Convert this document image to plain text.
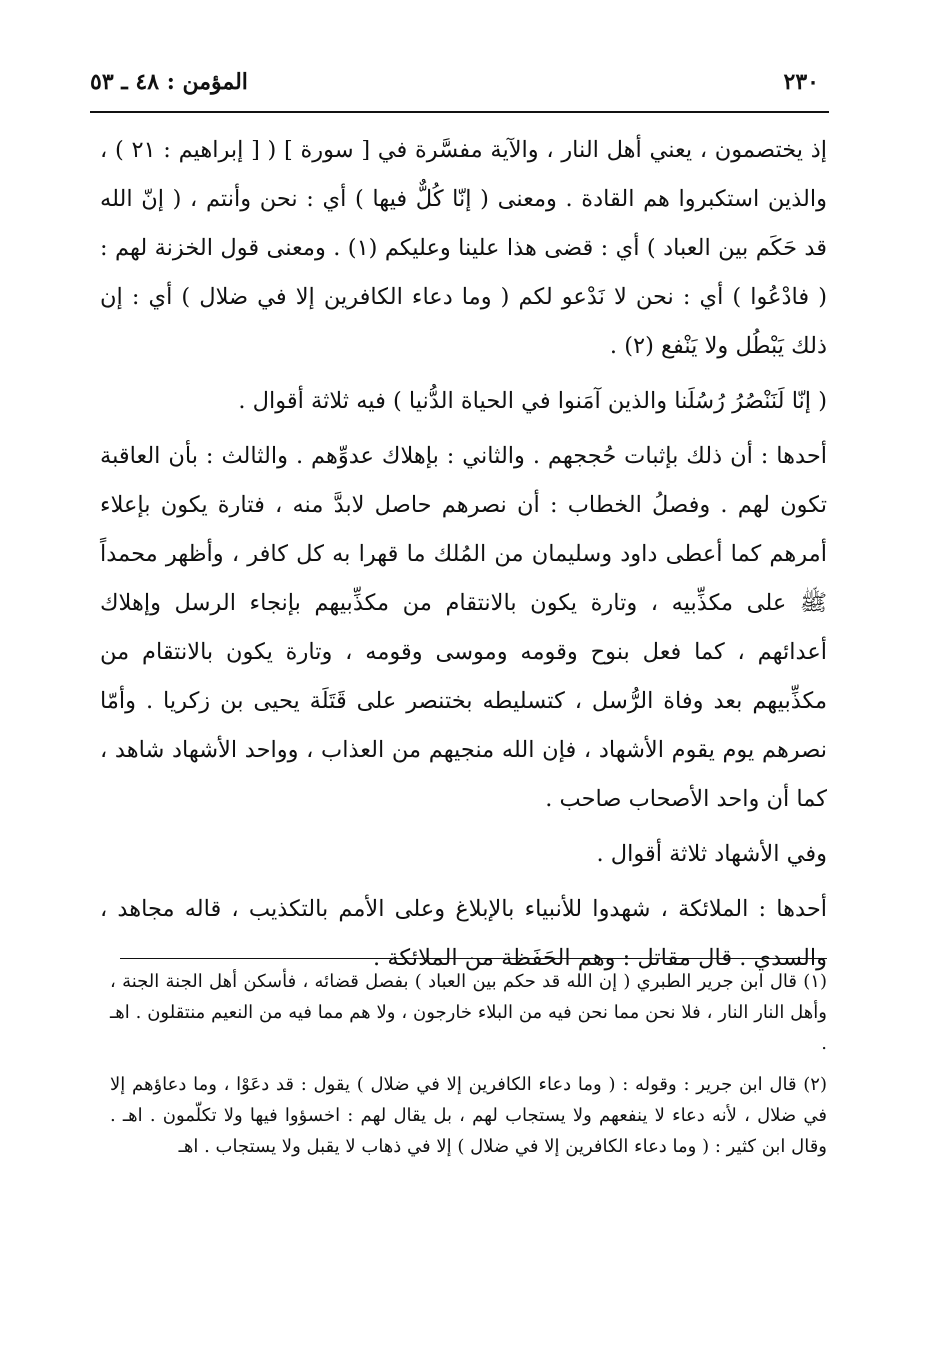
٢٣٠
المؤمن : ٤٨ ـ ٥٣

إذ يختصمون ، يعني أهل النار ، والآية مفسَّرة في [ سورة ] ( [ إبراهيم : ٢١ ) ، والذين استكبروا هم القادة . ومعنى ( إنّا كُلٌّ فيها ) أي : نحن وأنتم ، ( إنّ الله قد حَكَم بين العباد ) أي : قضى هذا علينا وعليكم (١) . ومعنى قول الخزنة لهم : ( فادْعُوا ) أي : نحن لا نَدْعو لكم ( وما دعاء الكافرين إلا في ضلال ) أي : إن ذلك يَبْطُل ولا يَنْفع (٢) .

( إنّا لَنَنْصُرُ رُسُلَنا والذين آمَنوا في الحياة الدُّنيا ) فيه ثلاثة أقوال .

أحدها : أن ذلك بإثبات حُججهم . والثاني : بإهلاك عدوِّهم . والثالث : بأن العاقبة تكون لهم . وفصلُ الخطاب : أن نصرهم حاصل لابدَّ منه ، فتارة يكون بإعلاء أمرهم كما أعطى داود وسليمان من المُلك ما قهرا به كل كافر ، وأظهر محمداً ﷺ على مكذِّبيه ، وتارة يكون بالانتقام من مكذِّبيهم بإنجاء الرسل وإهلاك أعدائهم ، كما فعل بنوح وقومه وموسى وقومه ، وتارة يكون بالانتقام من مكذِّبيهم بعد وفاة الرُّسل ، كتسليطه بختنصر على قَتَلَة يحيى بن زكريا . وأمّا نصرهم يوم يقوم الأشهاد ، فإن الله منجيهم من العذاب ، وواحد الأشهاد شاهد ، كما أن واحد الأصحاب صاحب .

وفي الأشهاد ثلاثة أقوال .

أحدها : الملائكة ، شهدوا للأنبياء بالإبلاغ وعلى الأمم بالتكذيب ، قاله مجاهد ، والسدي . قال مقاتل : وهم الحَفَظة من الملائكة .

(١) قال ابن جرير الطبري ( إن الله قد حكم بين العباد ) بفصل قضائه ، فأسكن أهل الجنة الجنة ، وأهل النار النار ، فلا نحن مما نحن فيه من البلاء خارجون ، ولا هم مما فيه من النعيم منتقلون . اهـ .

(٢) قال ابن جرير : وقوله : ( وما دعاء الكافرين إلا في ضلال ) يقول : قد دعَوْا ، وما دعاؤهم إلا في ضلال ، لأنه دعاء لا ينفعهم ولا يستجاب لهم ، بل يقال لهم : اخسؤوا فيها ولا تكلّمون . اهـ . وقال ابن كثير : ( وما دعاء الكافرين إلا في ضلال ) إلا في ذهاب لا يقبل ولا يستجاب . اهـ
